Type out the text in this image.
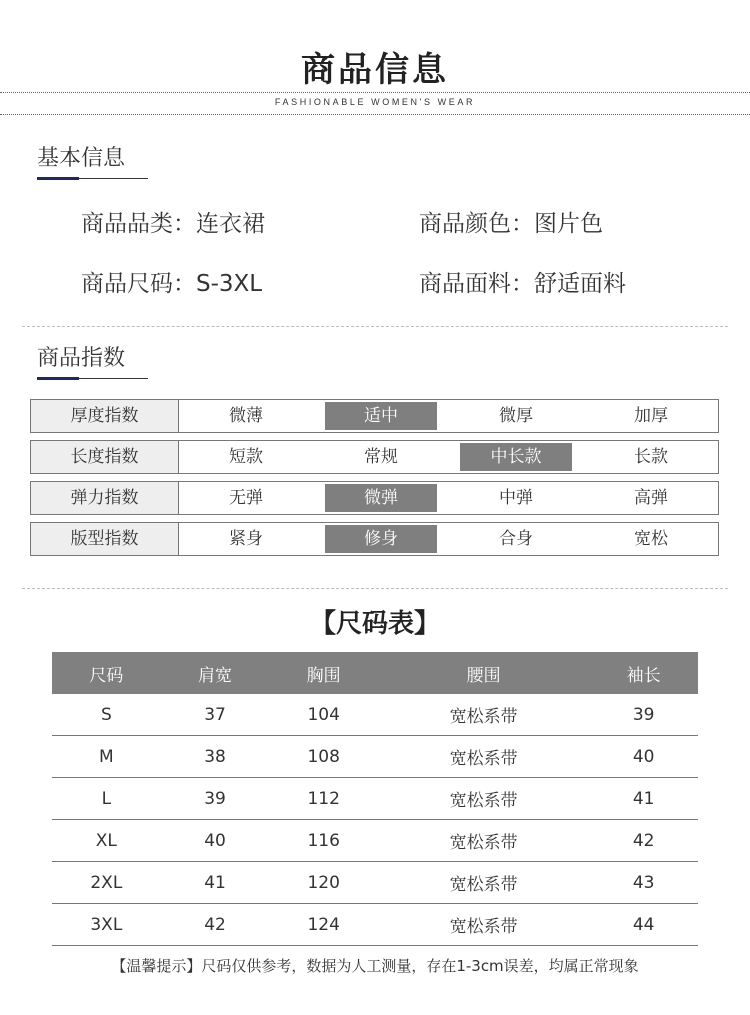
商品信息
FASHIONABLE WOMEN'S WEAR
基本信息
商品品类：连衣裙	商品颜色：图片色
商品尺码：S-3XL	商品面料：舒适面料
商品指数
厚度指数	微薄	适中	微厚	加厚
长度指数	短款	常规	中长款	长款
弹力指数	无弹	微弹	中弹	高弹
版型指数	紧身	修身	合身	宽松
【尺码表】
尺码	肩宽	胸围	腰围	袖长
S	37	104	宽松系带	39
M	38	108	宽松系带	40
L	39	112	宽松系带	41
XL	40	116	宽松系带	42
2XL	41	120	宽松系带	43
3XL	42	124	宽松系带	44
【温馨提示】尺码仅供参考，数据为人工测量，存在1-3cm误差，均属正常现象
